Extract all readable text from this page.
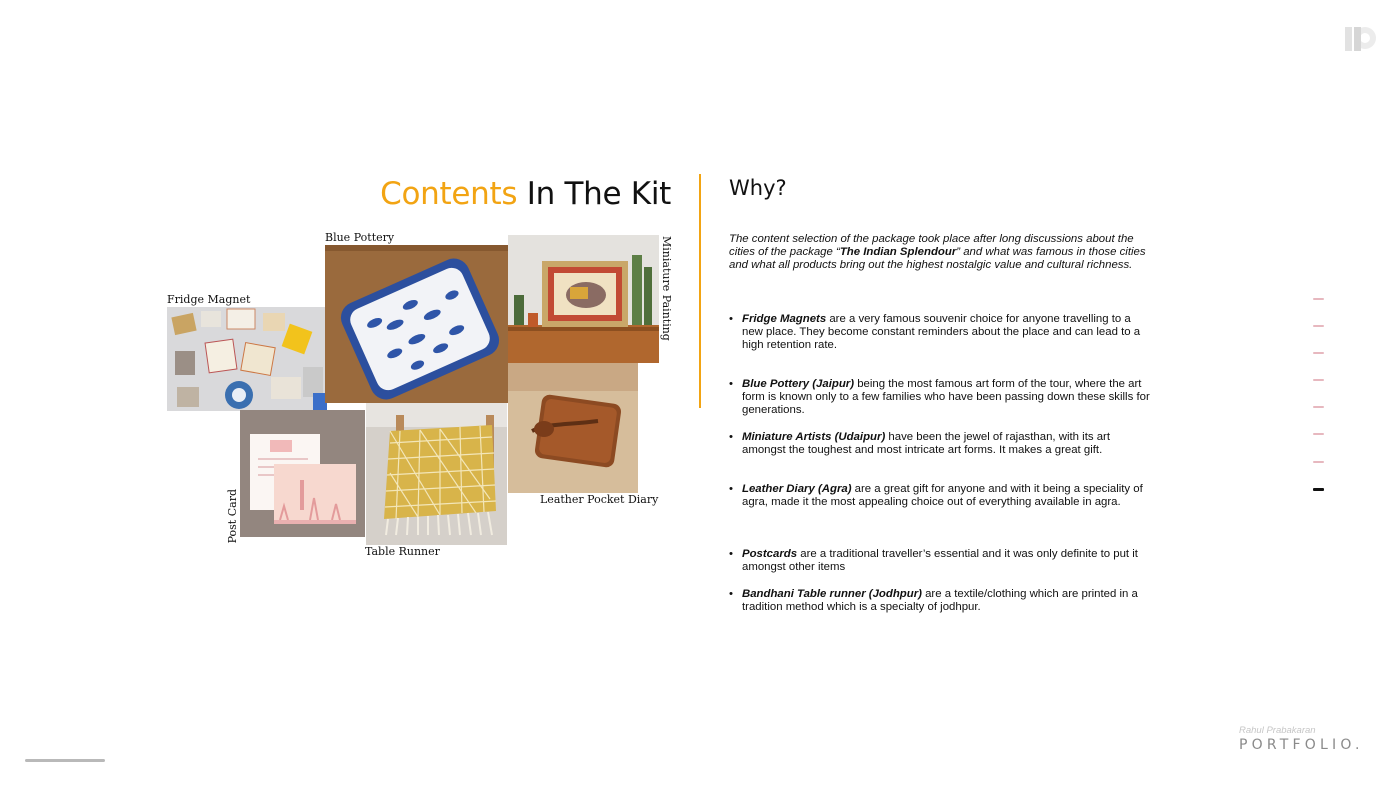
Contents In The Kit
Fridge Magnet
Blue Pottery	Miniature Painting
Leather Pocket Diary
Post Card
Table Runner
Why?
The content selection of the package took place after long discussions about the cities of the package “The Indian Splendour” and what was famous in those cities and what all products bring out the highest nostalgic value and cultural richness.
• Fridge Magnets are a very famous souvenir choice for anyone travelling to a new place. They become constant reminders about the place and can lead to a high retention rate.
• Blue Pottery (Jaipur) being the most famous art form of the tour, where the art form is known only to a few families who have been passing down these skills for generations.
• Miniature Artists (Udaipur) have been the jewel of rajasthan, with its art amongst the toughest and most intricate art forms. It makes a great gift.
• Leather Diary (Agra) are a great gift for anyone and with it being a speciality of agra, made it the most appealing choice out of everything available in agra.
• Postcards are a traditional traveller’s essential and it was only definite to put it amongst other items
• Bandhani Table runner (Jodhpur) are a textile/clothing which are printed in a tradition method which is a specialty of jodhpur.
Rahul Prabakaran
PORTFOLIO.
